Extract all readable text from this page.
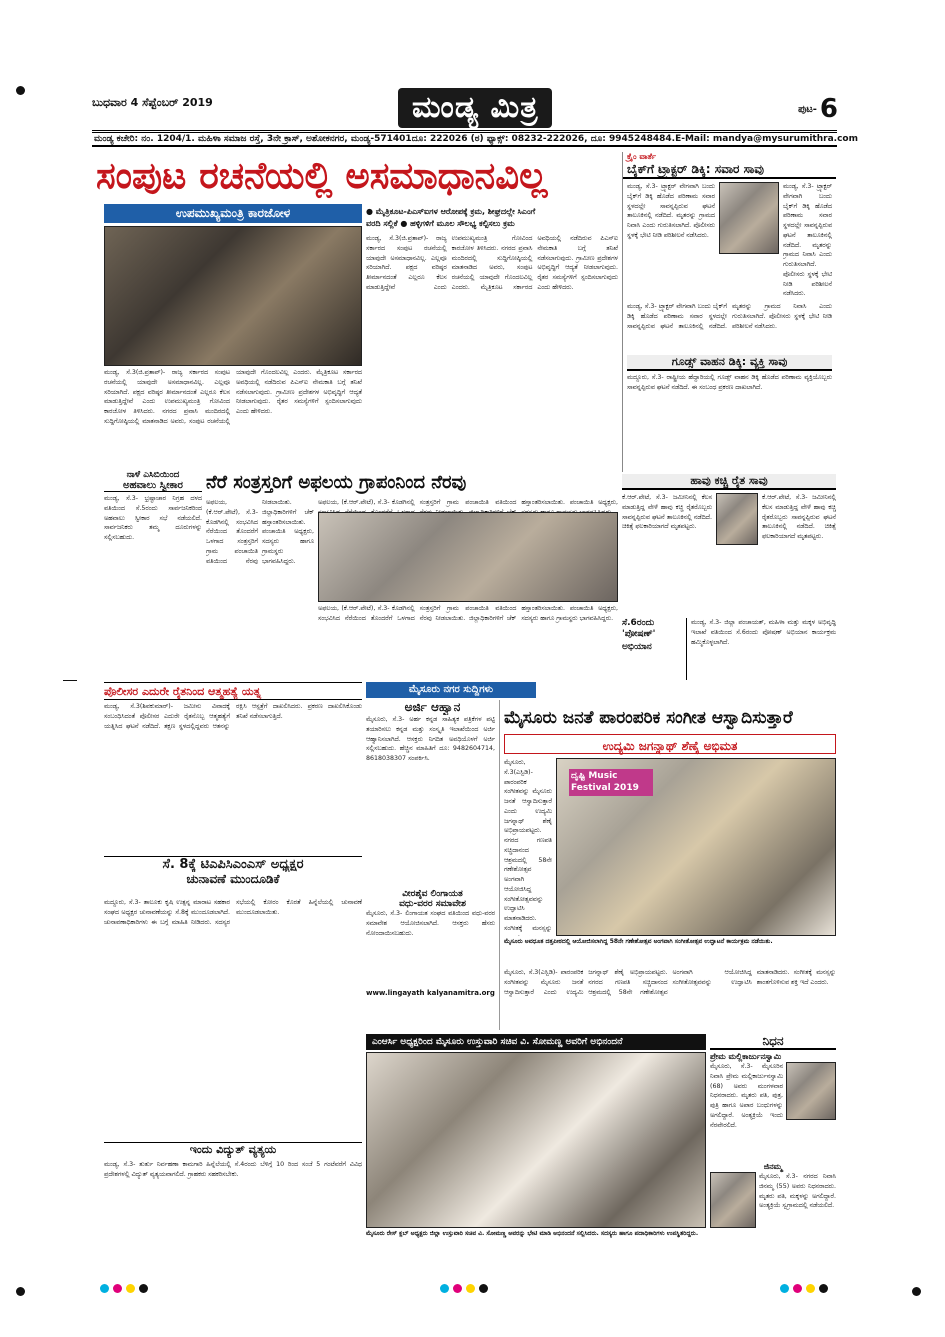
ಬುಧವಾರ 4 ಸೆಪ್ಟೆಂಬರ್ 2019	ಮಂಡ್ಯ ಮಿತ್ರ	ಪುಟ- 6
ಮಂಡ್ಯ ಕಚೇರಿ: ನಂ. 1204/1. ಮಹಿಳಾ ಸಮಾಜ ರಸ್ತೆ, 3ನೇ ಕ್ರಾಸ್, ಅಶೋಕನಗರ, ಮಂಡ್ಯ-571401 ದೂ: 222026 (ಠ) ಫ್ಯಾಕ್ಸ್: 08232-222026, ದೂ: 9945248484. E-Mail: mandya@mysurumithra.com
ಸಂಪುಟ ರಚನೆಯಲ್ಲಿ ಅಸಮಾಧಾನವಿಲ್ಲ
ಉಪಮುಖ್ಯಮಂತ್ರಿ ಕಾರಜೋಳ	● ಮೈತ್ರಿಕೂಟ-ಪಿಎಸ್ಐಗಳ ಆರೋಪಕ್ಕೆ ಕ್ರಮ, ಶೀಘ್ರದಲ್ಲೇ ಸಿಎಂಗೆ
ವರದಿ ಸಲ್ಲಿಕೆ ● ಹಳ್ಳಿಗಳಿಗೆ ಮೂಲ ಸೌಲಭ್ಯ ಕಲ್ಪಿಸಲು ಕ್ರಮ
ಮಂಡ್ಯ, ಸೆ.3(ಜಿ.ಪ್ರತಾಪ್)- ರಾಜ್ಯ ಸರ್ಕಾರದ ಸಂಪುಟ ರಚನೆಯಲ್ಲಿ ಯಾವುದೇ ಅಸಮಾಧಾನವಿಲ್ಲ. ಎಲ್ಲವೂ ಸರಿಯಾಗಿದೆ. ಪಕ್ಷದ ವರಿಷ್ಠರ ತೀರ್ಮಾನದಂತೆ ಎಲ್ಲರೂ ಕೆಲಸ ಮಾಡುತ್ತಿದ್ದೇವೆ ಎಂದು ಉಪಮುಖ್ಯಮಂತ್ರಿ ಗೋವಿಂದ ಕಾರಜೋಳ ತಿಳಿಸಿದರು. ನಗರದ ಪ್ರವಾಸಿ ಮಂದಿರದಲ್ಲಿ ಸುದ್ದಿಗೋಷ್ಠಿಯಲ್ಲಿ ಮಾತನಾಡಿದ ಅವರು, ಸಂಪುಟ ರಚನೆಯಲ್ಲಿ ಯಾವುದೇ ಗೊಂದಲವಿಲ್ಲ ಎಂದರು. ಮೈತ್ರಿಕೂಟ ಸರ್ಕಾರದ ಅವಧಿಯಲ್ಲಿ ನಡೆದಿರುವ ಪಿಎಸ್ಐ ನೇಮಕಾತಿ ಬಗ್ಗೆ ತನಿಖೆ ನಡೆಸಲಾಗುವುದು. ಗ್ರಾಮೀಣ ಪ್ರದೇಶಗಳ ಅಭಿವೃದ್ಧಿಗೆ ಆದ್ಯತೆ ನೀಡಲಾಗುವುದು. ರೈತರ ಸಮಸ್ಯೆಗಳಿಗೆ ಸ್ಪಂದಿಸಲಾಗುವುದು ಎಂದು ಹೇಳಿದರು.
ಮಂಡ್ಯ, ಸೆ.3(ಜಿ.ಪ್ರತಾಪ್)- ರಾಜ್ಯ ಸರ್ಕಾರದ ಸಂಪುಟ ರಚನೆಯಲ್ಲಿ ಯಾವುದೇ ಅಸಮಾಧಾನವಿಲ್ಲ. ಎಲ್ಲವೂ ಸರಿಯಾಗಿದೆ. ಪಕ್ಷದ ವರಿಷ್ಠರ ತೀರ್ಮಾನದಂತೆ ಎಲ್ಲರೂ ಕೆಲಸ ಮಾಡುತ್ತಿದ್ದೇವೆ ಎಂದು ಉಪಮುಖ್ಯಮಂತ್ರಿ ಗೋವಿಂದ ಕಾರಜೋಳ ತಿಳಿಸಿದರು. ನಗರದ ಪ್ರವಾಸಿ ಮಂದಿರದಲ್ಲಿ ಸುದ್ದಿಗೋಷ್ಠಿಯಲ್ಲಿ ಮಾತನಾಡಿದ ಅವರು, ಸಂಪುಟ ರಚನೆಯಲ್ಲಿ ಯಾವುದೇ ಗೊಂದಲವಿಲ್ಲ ಎಂದರು. ಮೈತ್ರಿಕೂಟ ಸರ್ಕಾರದ ಅವಧಿಯಲ್ಲಿ ನಡೆದಿರುವ ಪಿಎಸ್ಐ ನೇಮಕಾತಿ ಬಗ್ಗೆ ತನಿಖೆ ನಡೆಸಲಾಗುವುದು. ಗ್ರಾಮೀಣ ಪ್ರದೇಶಗಳ ಅಭಿವೃದ್ಧಿಗೆ ಆದ್ಯತೆ ನೀಡಲಾಗುವುದು. ರೈತರ ಸಮಸ್ಯೆಗಳಿಗೆ ಸ್ಪಂದಿಸಲಾಗುವುದು ಎಂದು ಹೇಳಿದರು.
ಕ್ರೈಂ ವಾರ್ತೆ
ಬೈಕ್‌ಗೆ ಟ್ರ್ಯಾಕ್ಟರ್ ಡಿಕ್ಕಿ: ಸವಾರ ಸಾವು
ಮಂಡ್ಯ, ಸೆ.3- ಟ್ರ್ಯಾಕ್ಟರ್ ವೇಗವಾಗಿ ಬಂದು ಬೈಕ್‌ಗೆ ಡಿಕ್ಕಿ ಹೊಡೆದ ಪರಿಣಾಮ ಸವಾರ ಸ್ಥಳದಲ್ಲೇ ಸಾವನ್ನಪ್ಪಿರುವ ಘಟನೆ ತಾಲೂಕಿನಲ್ಲಿ ನಡೆದಿದೆ. ಮೃತರನ್ನು ಗ್ರಾಮದ ನಿವಾಸಿ ಎಂದು ಗುರುತಿಸಲಾಗಿದೆ. ಪೊಲೀಸರು ಸ್ಥಳಕ್ಕೆ ಭೇಟಿ ನೀಡಿ ಪರಿಶೀಲನೆ ನಡೆಸಿದರು.
ಮಂಡ್ಯ, ಸೆ.3- ಟ್ರ್ಯಾಕ್ಟರ್ ವೇಗವಾಗಿ ಬಂದು ಬೈಕ್‌ಗೆ ಡಿಕ್ಕಿ ಹೊಡೆದ ಪರಿಣಾಮ ಸವಾರ ಸ್ಥಳದಲ್ಲೇ ಸಾವನ್ನಪ್ಪಿರುವ ಘಟನೆ ತಾಲೂಕಿನಲ್ಲಿ ನಡೆದಿದೆ. ಮೃತರನ್ನು ಗ್ರಾಮದ ನಿವಾಸಿ ಎಂದು ಗುರುತಿಸಲಾಗಿದೆ. ಪೊಲೀಸರು ಸ್ಥಳಕ್ಕೆ ಭೇಟಿ ನೀಡಿ ಪರಿಶೀಲನೆ ನಡೆಸಿದರು.
ಮಂಡ್ಯ, ಸೆ.3- ಟ್ರ್ಯಾಕ್ಟರ್ ವೇಗವಾಗಿ ಬಂದು ಬೈಕ್‌ಗೆ ಡಿಕ್ಕಿ ಹೊಡೆದ ಪರಿಣಾಮ ಸವಾರ ಸ್ಥಳದಲ್ಲೇ ಸಾವನ್ನಪ್ಪಿರುವ ಘಟನೆ ತಾಲೂಕಿನಲ್ಲಿ ನಡೆದಿದೆ. ಮೃತರನ್ನು ಗ್ರಾಮದ ನಿವಾಸಿ ಎಂದು ಗುರುತಿಸಲಾಗಿದೆ. ಪೊಲೀಸರು ಸ್ಥಳಕ್ಕೆ ಭೇಟಿ ನೀಡಿ ಪರಿಶೀಲನೆ ನಡೆಸಿದರು.
ಗೂಡ್ಸ್ ವಾಹನ ಡಿಕ್ಕಿ: ವ್ಯಕ್ತಿ ಸಾವು
ಮದ್ದೂರು, ಸೆ.3- ರಾಷ್ಟ್ರೀಯ ಹೆದ್ದಾರಿಯಲ್ಲಿ ಗೂಡ್ಸ್ ವಾಹನ ಡಿಕ್ಕಿ ಹೊಡೆದ ಪರಿಣಾಮ ವ್ಯಕ್ತಿಯೊಬ್ಬರು ಸಾವನ್ನಪ್ಪಿರುವ ಘಟನೆ ನಡೆದಿದೆ. ಈ ಸಂಬಂಧ ಪ್ರಕರಣ ದಾಖಲಾಗಿದೆ.
ನಾಳೆ ಎಸಿಬಿಯಿಂದ
ಅಹವಾಲು ಸ್ವೀಕಾರ
ಮಂಡ್ಯ, ಸೆ.3- ಭ್ರಷ್ಟಾಚಾರ ನಿಗ್ರಹ ದಳದ ವತಿಯಿಂದ ಸೆ.5ರಂದು ಸಾರ್ವಜನಿಕರಿಂದ ಅಹವಾಲು ಸ್ವೀಕಾರ ಸಭೆ ನಡೆಯಲಿದೆ. ಸಾರ್ವಜನಿಕರು ತಮ್ಮ ದೂರುಗಳನ್ನು ಸಲ್ಲಿಸಬಹುದು.
ನೆರೆ ಸಂತ್ರಸ್ತರಿಗೆ ಅಫಲಯ ಗ್ರಾಪಂನಿಂದ ನೆರವು
ಅಫಲಯ, (ಕೆ.ಆರ್.ಪೇಟೆ), ಸೆ.3- ಕೊಡಗಿನಲ್ಲಿ ಸಂತ್ರಸ್ತರಿಗೆ ಗ್ರಾಮ ಪಂಚಾಯಿತಿ ವತಿಯಿಂದ ಹಸ್ತಾಂತರಿಸಲಾಯಿತು. ಪಂಚಾಯಿತಿ ಅಧ್ಯಕ್ಷರು,
ಅಫಲಯ, (ಕೆ.ಆರ್.ಪೇಟೆ), ಸೆ.3- ಕೊಡಗಿನಲ್ಲಿ ಸಂಭವಿಸಿದ ನೆರೆಯಿಂದ ತೊಂದರೆಗೆ ಒಳಗಾದ ಸಂತ್ರಸ್ತರಿಗೆ ಗ್ರಾಮ ಪಂಚಾಯಿತಿ ವತಿಯಿಂದ ನೆರವು ನೀಡಲಾಯಿತು. ಜಿಲ್ಲಾಧಿಕಾರಿಗಳಿಗೆ ಚೆಕ್ ಹಸ್ತಾಂತರಿಸಲಾಯಿತು. ಪಂಚಾಯಿತಿ ಅಧ್ಯಕ್ಷರು, ಸದಸ್ಯರು ಹಾಗೂ ಗ್ರಾಮಸ್ಥರು ಭಾಗವಹಿಸಿದ್ದರು.
ಅಫಲಯ, (ಕೆ.ಆರ್.ಪೇಟೆ), ಸೆ.3- ಕೊಡಗಿನಲ್ಲಿ ಸಂಭವಿಸಿದ ನೆರೆಯಿಂದ ತೊಂದರೆಗೆ ಒಳಗಾದ ಸಂತ್ರಸ್ತರಿಗೆ ಗ್ರಾಮ ಪಂಚಾಯಿತಿ ವತಿಯಿಂದ ನೆರವು ನೀಡಲಾಯಿತು. ಜಿಲ್ಲಾಧಿಕಾರಿಗಳಿಗೆ ಚೆಕ್ ಹಸ್ತಾಂತರಿಸಲಾಯಿತು. ಪಂಚಾಯಿತಿ ಅಧ್ಯಕ್ಷರು, ಸದಸ್ಯರು ಹಾಗೂ ಗ್ರಾಮಸ್ಥರು ಭಾಗವಹಿಸಿದ್ದರು.
ಹಾವು ಕಚ್ಚಿ ರೈತ ಸಾವು
ಕೆ.ಆರ್.ಪೇಟೆ, ಸೆ.3- ಜಮೀನಿನಲ್ಲಿ ಕೆಲಸ ಮಾಡುತ್ತಿದ್ದ ವೇಳೆ ಹಾವು ಕಚ್ಚಿ ರೈತರೊಬ್ಬರು ಸಾವನ್ನಪ್ಪಿರುವ ಘಟನೆ ತಾಲೂಕಿನಲ್ಲಿ ನಡೆದಿದೆ. ಚಿಕಿತ್ಸೆ ಫಲಕಾರಿಯಾಗದೆ ಮೃತಪಟ್ಟರು.
ಕೆ.ಆರ್.ಪೇಟೆ, ಸೆ.3- ಜಮೀನಿನಲ್ಲಿ ಕೆಲಸ ಮಾಡುತ್ತಿದ್ದ ವೇಳೆ ಹಾವು ಕಚ್ಚಿ ರೈತರೊಬ್ಬರು ಸಾವನ್ನಪ್ಪಿರುವ ಘಟನೆ ತಾಲೂಕಿನಲ್ಲಿ ನಡೆದಿದೆ. ಚಿಕಿತ್ಸೆ ಫಲಕಾರಿಯಾಗದೆ ಮೃತಪಟ್ಟರು.
ಸೆ.6ರಂದು
'ಪೋಷಣ್' ಅಭಿಯಾನ
ಮಂಡ್ಯ, ಸೆ.3- ಜಿಲ್ಲಾ ಪಂಚಾಯತ್, ಮಹಿಳಾ ಮತ್ತು ಮಕ್ಕಳ ಅಭಿವೃದ್ಧಿ ಇಲಾಖೆ ವತಿಯಿಂದ ಸೆ.6ರಂದು ಪೋಷಣ್ ಅಭಿಯಾನ ಕಾರ್ಯಕ್ರಮ ಹಮ್ಮಿಕೊಳ್ಳಲಾಗಿದೆ.
ಪೊಲೀಸರ ಎದುರೇ ರೈತನಿಂದ ಆತ್ಮಹತ್ಯೆ ಯತ್ನ
ಮಂಡ್ಯ, ಸೆ.3(ಶಿವಕುಮಾರ್)- ಜಮೀನು ವಿವಾದಕ್ಕೆ ಸಂಬಂಧಿಸಿದಂತೆ ಪೊಲೀಸರ ಎದುರೇ ರೈತನೊಬ್ಬ ಆತ್ಮಹತ್ಯೆಗೆ ಯತ್ನಿಸಿದ ಘಟನೆ ನಡೆದಿದೆ. ತಕ್ಷಣ ಸ್ಥಳದಲ್ಲಿದ್ದವರು ಆತನನ್ನು ರಕ್ಷಿಸಿ ಆಸ್ಪತ್ರೆಗೆ ದಾಖಲಿಸಿದರು. ಪ್ರಕರಣ ದಾಖಲಿಸಿಕೊಂಡು ತನಿಖೆ ನಡೆಸಲಾಗುತ್ತಿದೆ.
ಸೆ. 8ಕ್ಕೆ ಟಿಎಪಿಸಿಎಂಎಸ್ ಅಧ್ಯಕ್ಷರ
ಚುನಾವಣೆ ಮುಂದೂಡಿಕೆ
ಮದ್ದೂರು, ಸೆ.3- ತಾಲೂಕು ಕೃಷಿ ಉತ್ಪನ್ನ ಮಾರಾಟ ಸಹಕಾರ ಸಂಘದ ಅಧ್ಯಕ್ಷರ ಚುನಾವಣೆಯನ್ನು ಸೆ.8ಕ್ಕೆ ಮುಂದೂಡಲಾಗಿದೆ. ಚುನಾವಣಾಧಿಕಾರಿಗಳು ಈ ಬಗ್ಗೆ ಮಾಹಿತಿ ನೀಡಿದರು. ಸದಸ್ಯರ ಸಭೆಯಲ್ಲಿ ಕೋರಂ ಕೊರತೆ ಹಿನ್ನೆಲೆಯಲ್ಲಿ ಚುನಾವಣೆ ಮುಂದೂಡಲಾಯಿತು.
ಇಂದು ವಿದ್ಯುತ್ ವ್ಯತ್ಯಯ
ಮಂಡ್ಯ, ಸೆ.3- ತುರ್ತು ನಿರ್ವಹಣಾ ಕಾಮಗಾರಿ ಹಿನ್ನೆಲೆಯಲ್ಲಿ ಸೆ.4ರಂದು ಬೆಳಿಗ್ಗೆ 10 ರಿಂದ ಸಂಜೆ 5 ಗಂಟೆವರೆಗೆ ವಿವಿಧ ಪ್ರದೇಶಗಳಲ್ಲಿ ವಿದ್ಯುತ್ ವ್ಯತ್ಯಯವಾಗಲಿದೆ. ಗ್ರಾಹಕರು ಸಹಕರಿಸಬೇಕು.
ಮೈಸೂರು ನಗರ ಸುದ್ದಿಗಳು
ಅರ್ಜಿ ಆಹ್ವಾನ
ಮೈಸೂರು, ಸೆ.3- ಅರ್ಹ ಕನ್ನಡ ಸಾಹಿತ್ಯಕ ಪತ್ರಿಕೆಗಳ ಪಟ್ಟಿ ತಯಾರಿಸಲು ಕನ್ನಡ ಮತ್ತು ಸಂಸ್ಕೃತಿ ಇಲಾಖೆಯಿಂದ ಅರ್ಜಿ ಆಹ್ವಾನಿಸಲಾಗಿದೆ. ಆಸಕ್ತರು ನಿಗದಿತ ಅವಧಿಯೊಳಗೆ ಅರ್ಜಿ ಸಲ್ಲಿಸಬಹುದು. ಹೆಚ್ಚಿನ ಮಾಹಿತಿಗೆ ದೂ: 9482604714, 8618038307 ಸಂಪರ್ಕಿಸಿ.
ವೀರಶೈವ ಲಿಂಗಾಯತ
ವಧು-ವರರ ಸಮಾವೇಶ
ಮೈಸೂರು, ಸೆ.3- ಲಿಂಗಾಯತ ಸಂಘದ ವತಿಯಿಂದ ವಧು-ವರರ ಸಮಾವೇಶ ಆಯೋಜಿಸಲಾಗಿದೆ. ಆಸಕ್ತರು ಹೆಸರು ನೋಂದಾಯಿಸಬಹುದು.
www.lingayath kalyanamitra.org
ಮೈಸೂರು ಜನತೆ ಪಾರಂಪರಿಕ ಸಂಗೀತ ಆಸ್ವಾದಿಸುತ್ತಾರೆ
ಉದ್ಯಮಿ ಜಗನ್ನಾಥ್ ಶೆಣೈ ಅಭಿಮತ
ದೃಷ್ಟಿ Music Festival 2019
ಮೈಸೂರು, ಸೆ.3(ಎಸ್ಬಿಡಿ)- ಪಾರಂಪರಿಕ ಸಂಗೀತವನ್ನು ಮೈಸೂರು ಜನತೆ ಆಸ್ವಾದಿಸುತ್ತಾರೆ ಎಂದು ಉದ್ಯಮಿ ಜಗನ್ನಾಥ್ ಶೆಣೈ ಅಭಿಪ್ರಾಯಪಟ್ಟರು. ನಗರದ ಗಣಪತಿ ಸಚ್ಚಿದಾನಂದ ಆಶ್ರಮದಲ್ಲಿ 58ನೇ ಗಣೇಶೋತ್ಸವ ಅಂಗವಾಗಿ ಆಯೋಜಿಸಿದ್ದ ಸಂಗೀತೋತ್ಸವವನ್ನು ಉದ್ಘಾಟಿಸಿ ಮಾತನಾಡಿದರು. ಸಂಗೀತಕ್ಕೆ ಮನಸ್ಸನ್ನು
ಮೈಸೂರು ಅವಧೂತ ದತ್ತಪೀಠದಲ್ಲಿ ಆಯೋಜಿಸಲಾಗಿದ್ದ 58ನೇ ಗಣೇಶೋತ್ಸವ ಅಂಗವಾಗಿ ಸಂಗೀತೋತ್ಸವ ಉದ್ಘಾಟನೆ ಕಾರ್ಯಕ್ರಮ ನಡೆಯಿತು.
ಮೈಸೂರು, ಸೆ.3(ಎಸ್ಬಿಡಿ)- ಪಾರಂಪರಿಕ ಸಂಗೀತವನ್ನು ಮೈಸೂರು ಜನತೆ ಆಸ್ವಾದಿಸುತ್ತಾರೆ ಎಂದು ಉದ್ಯಮಿ ಜಗನ್ನಾಥ್ ಶೆಣೈ ಅಭಿಪ್ರಾಯಪಟ್ಟರು. ನಗರದ ಗಣಪತಿ ಸಚ್ಚಿದಾನಂದ ಆಶ್ರಮದಲ್ಲಿ 58ನೇ ಗಣೇಶೋತ್ಸವ ಅಂಗವಾಗಿ ಆಯೋಜಿಸಿದ್ದ ಸಂಗೀತೋತ್ಸವವನ್ನು ಉದ್ಘಾಟಿಸಿ ಮಾತನಾಡಿದರು. ಸಂಗೀತಕ್ಕೆ ಮನಸ್ಸನ್ನು ಶಾಂತಗೊಳಿಸುವ ಶಕ್ತಿ ಇದೆ ಎಂದರು.
ಎಂಆರ್ಸಿ ಅಧ್ಯಕ್ಷರಿಂದ ಮೈಸೂರು ಉಸ್ತುವಾರಿ ಸಚಿವ ವಿ. ಸೋಮಣ್ಣ ಅವರಿಗೆ ಅಭಿನಂದನೆ
ಮೈಸೂರು ರೇಸ್ ಕ್ಲಬ್ ಅಧ್ಯಕ್ಷರು ಜಿಲ್ಲಾ ಉಸ್ತುವಾರಿ ಸಚಿವ ವಿ. ಸೋಮಣ್ಣ ಅವರನ್ನು ಭೇಟಿ ಮಾಡಿ ಅಭಿನಂದನೆ ಸಲ್ಲಿಸಿದರು. ಸದಸ್ಯರು ಹಾಗೂ ಪದಾಧಿಕಾರಿಗಳು ಉಪಸ್ಥಿತರಿದ್ದರು.
ನಿಧನ
ಪ್ರೇಮ ಮಲ್ಲಿಕಾರ್ಜುನಸ್ವಾಮಿ
ಮೈಸೂರು, ಸೆ.3- ಮೈಸೂರಿನ ನಿವಾಸಿ ಪ್ರೇಮ ಮಲ್ಲಿಕಾರ್ಜುನಸ್ವಾಮಿ (68) ಅವರು ಮಂಗಳವಾರ ನಿಧನರಾದರು. ಮೃತರು ಪತಿ, ಪುತ್ರ, ಪುತ್ರಿ ಹಾಗೂ ಅಪಾರ ಬಂಧುಗಳನ್ನು ಅಗಲಿದ್ದಾರೆ. ಅಂತ್ಯಕ್ರಿಯೆ ಇಂದು ನೆರವೇರಲಿದೆ.
ಜಿನಮ್ಮ
ಮೈಸೂರು, ಸೆ.3- ನಗರದ ನಿವಾಸಿ ಜಿನಮ್ಮ (55) ಅವರು ನಿಧನರಾದರು. ಮೃತರು ಪತಿ, ಮಕ್ಕಳನ್ನು ಅಗಲಿದ್ದಾರೆ. ಅಂತ್ಯಕ್ರಿಯೆ ಸ್ವಗ್ರಾಮದಲ್ಲಿ ನಡೆಯಲಿದೆ.
